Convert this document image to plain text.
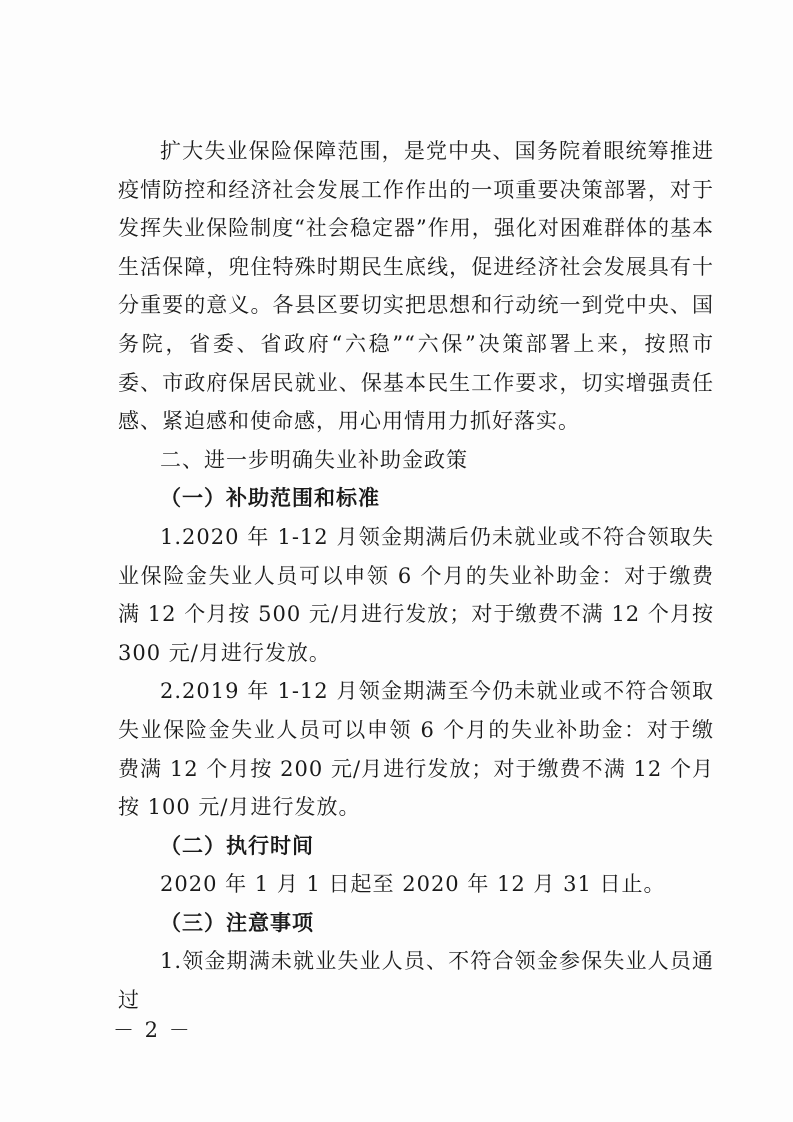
扩大失业保险保障范围，是党中央、国务院着眼统筹推进疫情防控和经济社会发展工作作出的一项重要决策部署，对于发挥失业保险制度“社会稳定器”作用，强化对困难群体的基本生活保障，兜住特殊时期民生底线，促进经济社会发展具有十分重要的意义。各县区要切实把思想和行动统一到党中央、国务院，省委、省政府“六稳”“六保”决策部署上来，按照市委、市政府保居民就业、保基本民生工作要求，切实增强责任感、紧迫感和使命感，用心用情用力抓好落实。

二、进一步明确失业补助金政策

（一）补助范围和标准

1.2020 年 1-12 月领金期满后仍未就业或不符合领取失业保险金失业人员可以申领 6 个月的失业补助金：对于缴费满 12 个月按 500 元/月进行发放；对于缴费不满 12 个月按 300 元/月进行发放。

2.2019 年 1-12 月领金期满至今仍未就业或不符合领取失业保险金失业人员可以申领 6 个月的失业补助金：对于缴费满 12 个月按 200 元/月进行发放；对于缴费不满 12 个月按 100 元/月进行发放。

（二）执行时间

2020 年 1 月 1 日起至 2020 年 12 月 31 日止。

（三）注意事项

1.领金期满未就业失业人员、不符合领金参保失业人员通过

－ 2 －
